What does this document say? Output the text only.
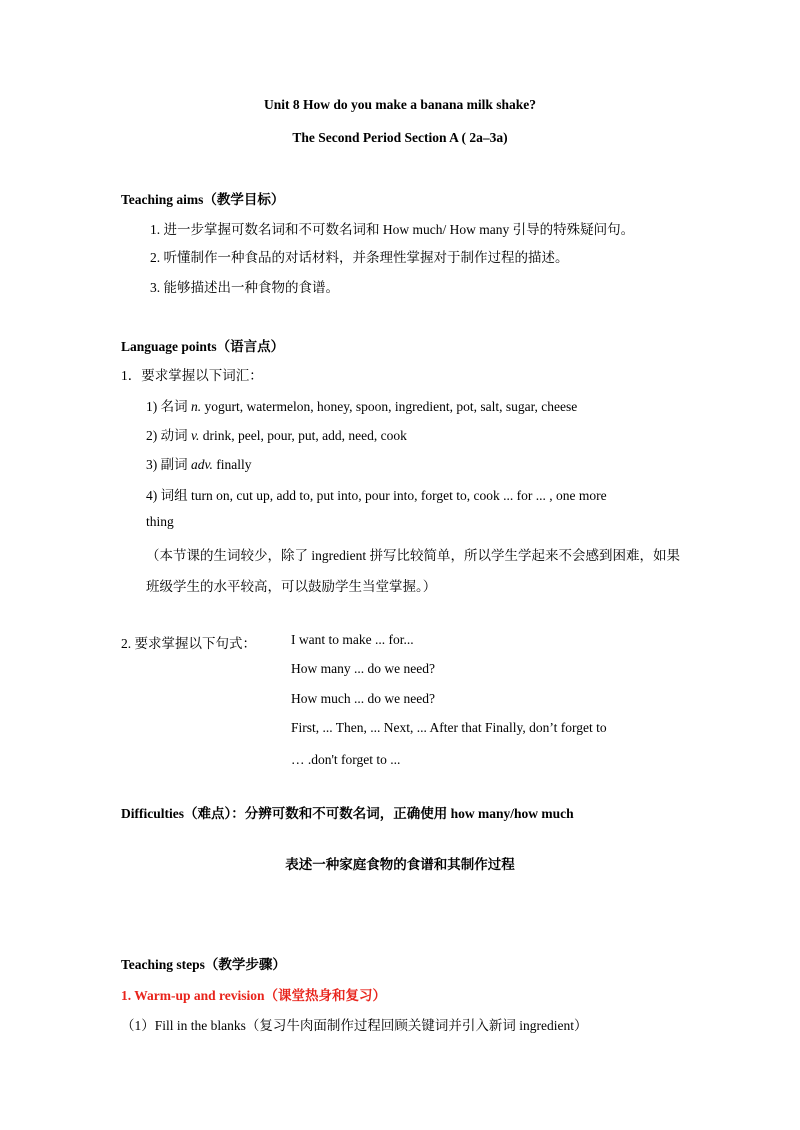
Unit 8 How do you make a banana milk shake?
The Second Period Section A ( 2a–3a)
Teaching aims（教学目标）
1. 进一步掌握可数名词和不可数名词和 How much/ How many 引导的特殊疑问句。
2. 听懂制作一种食品的对话材料，并条理性掌握对于制作过程的描述。
3. 能够描述出一种食物的食谱。
Language points（语言点）
1．要求掌握以下词汇：
1) 名词 n. yogurt, watermelon, honey, spoon, ingredient, pot, salt, sugar, cheese
2) 动词 v. drink, peel, pour, put, add, need, cook
3) 副词 adv. finally
4) 词组 turn on, cut up, add to, put into, pour into, forget to, cook ... for ... , one more
thing
（本节课的生词较少，除了 ingredient 拼写比较简单，所以学生学起来不会感到困难，如果
班级学生的水平较高，可以鼓励学生当堂掌握。）
2. 要求掌握以下句式：	I want to make ... for...
How many ... do we need?
How much ... do we need?
First, ... Then, ... Next, ... After that Finally, don’t forget to
… .don't forget to ...
Difficulties（难点）：分辨可数和不可数名词，正确使用 how many/how much
表述一种家庭食物的食谱和其制作过程
Teaching steps（教学步骤）
1. Warm-up and revision（课堂热身和复习）
（1）Fill in the blanks（复习牛肉面制作过程回顾关键词并引入新词 ingredient）
